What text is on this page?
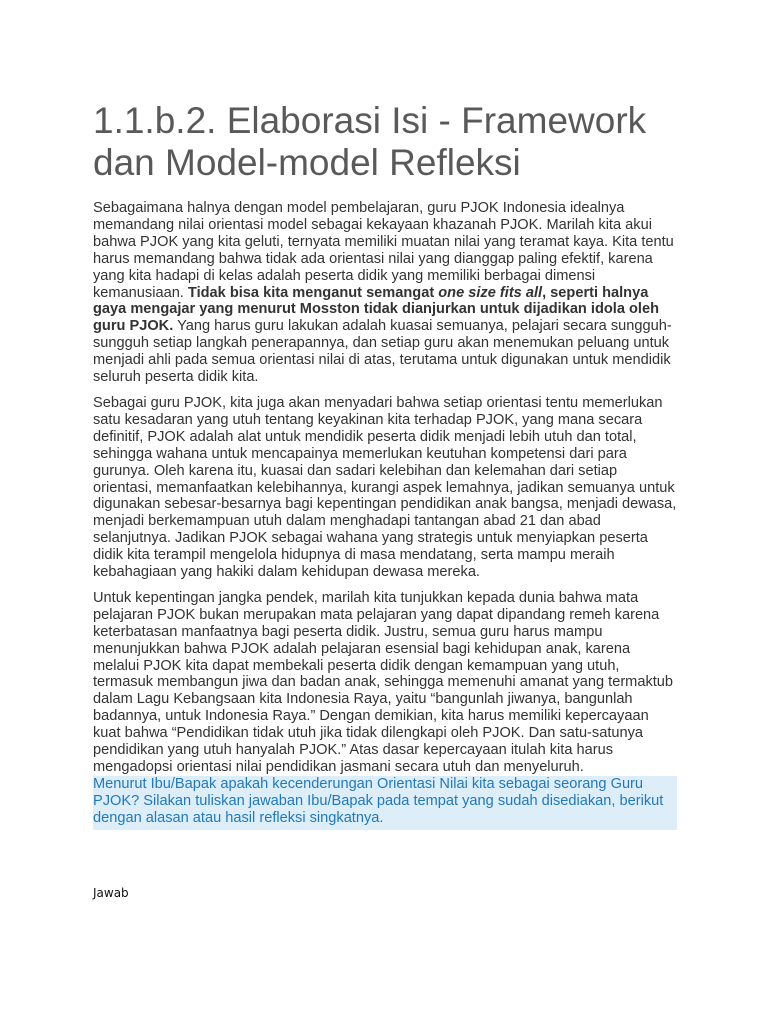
1.1.b.2. Elaborasi Isi - Framework dan Model-model Refleksi

Sebagaimana halnya dengan model pembelajaran, guru PJOK Indonesia idealnya memandang nilai orientasi model sebagai kekayaan khazanah PJOK. Marilah kita akui bahwa PJOK yang kita geluti, ternyata memiliki muatan nilai yang teramat kaya. Kita tentu harus memandang bahwa tidak ada orientasi nilai yang dianggap paling efektif, karena yang kita hadapi di kelas adalah peserta didik yang memiliki berbagai dimensi kemanusiaan. Tidak bisa kita menganut semangat one size fits all, seperti halnya gaya mengajar yang menurut Mosston tidak dianjurkan untuk dijadikan idola oleh guru PJOK. Yang harus guru lakukan adalah kuasai semuanya, pelajari secara sungguh-sungguh setiap langkah penerapannya, dan setiap guru akan menemukan peluang untuk menjadi ahli pada semua orientasi nilai di atas, terutama untuk digunakan untuk mendidik seluruh peserta didik kita.

Sebagai guru PJOK, kita juga akan menyadari bahwa setiap orientasi tentu memerlukan satu kesadaran yang utuh tentang keyakinan kita terhadap PJOK, yang mana secara definitif, PJOK adalah alat untuk mendidik peserta didik menjadi lebih utuh dan total, sehingga wahana untuk mencapainya memerlukan keutuhan kompetensi dari para gurunya. Oleh karena itu, kuasai dan sadari kelebihan dan kelemahan dari setiap orientasi, memanfaatkan kelebihannya, kurangi aspek lemahnya, jadikan semuanya untuk digunakan sebesar-besarnya bagi kepentingan pendidikan anak bangsa, menjadi dewasa, menjadi berkemampuan utuh dalam menghadapi tantangan abad 21 dan abad selanjutnya. Jadikan PJOK sebagai wahana yang strategis untuk menyiapkan peserta didik kita terampil mengelola hidupnya di masa mendatang, serta mampu meraih kebahagiaan yang hakiki dalam kehidupan dewasa mereka.

Untuk kepentingan jangka pendek, marilah kita tunjukkan kepada dunia bahwa mata pelajaran PJOK bukan merupakan mata pelajaran yang dapat dipandang remeh karena keterbatasan manfaatnya bagi peserta didik. Justru, semua guru harus mampu menunjukkan bahwa PJOK adalah pelajaran esensial bagi kehidupan anak, karena melalui PJOK kita dapat membekali peserta didik dengan kemampuan yang utuh, termasuk membangun jiwa dan badan anak, sehingga memenuhi amanat yang termaktub dalam Lagu Kebangsaan kita Indonesia Raya, yaitu “bangunlah jiwanya, bangunlah badannya, untuk Indonesia Raya.” Dengan demikian, kita harus memiliki kepercayaan kuat bahwa “Pendidikan tidak utuh jika tidak dilengkapi oleh PJOK. Dan satu-satunya pendidikan yang utuh hanyalah PJOK.” Atas dasar kepercayaan itulah kita harus mengadopsi orientasi nilai pendidikan jasmani secara utuh dan menyeluruh.

Menurut Ibu/Bapak apakah kecenderungan Orientasi Nilai kita sebagai seorang Guru PJOK? Silakan tuliskan jawaban Ibu/Bapak pada tempat yang sudah disediakan, berikut dengan alasan atau hasil refleksi singkatnya.
Jawab
